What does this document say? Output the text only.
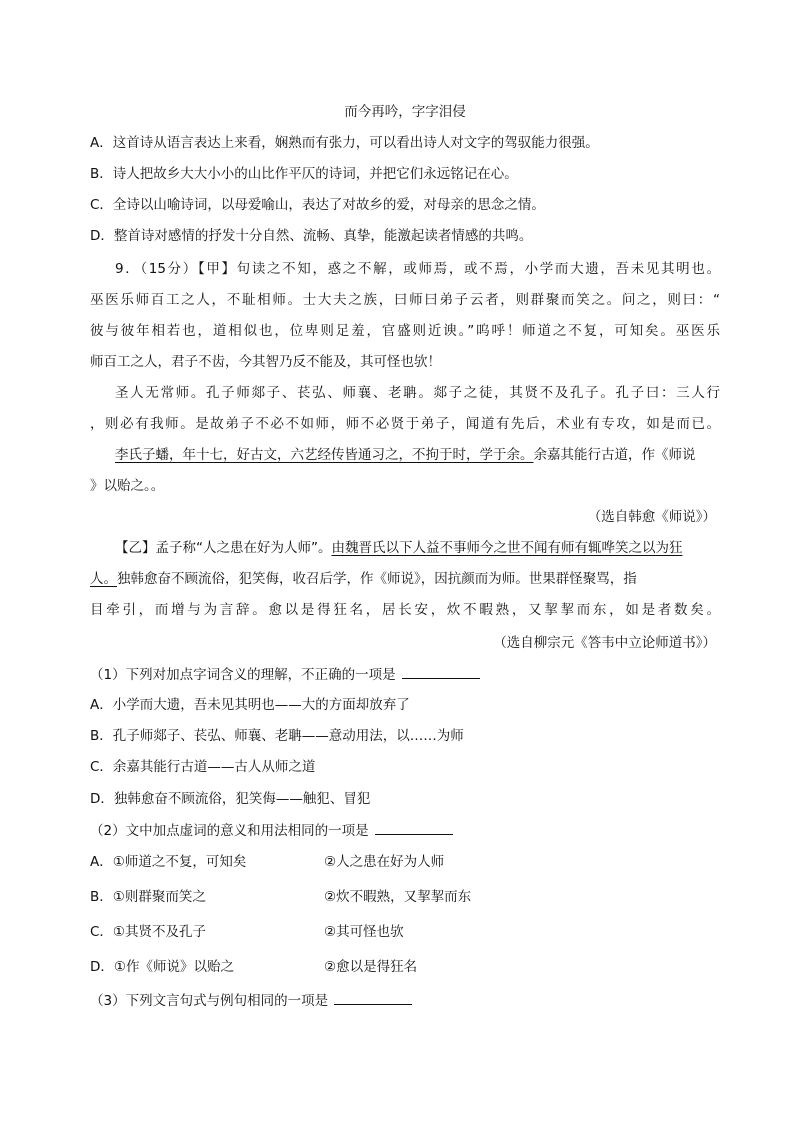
而今再吟，字字泪侵
A．这首诗从语言表达上来看，娴熟而有张力，可以看出诗人对文字的驾驭能力很强。
B．诗人把故乡大大小小的山比作平仄的诗词，并把它们永远铭记在心。
C．全诗以山喻诗词，以母爱喻山，表达了对故乡的爱，对母亲的思念之情。
D．整首诗对感情的抒发十分自然、流畅、真挚，能激起读者情感的共鸣。
9．（15分）【甲】句读之不知，惑之不解，或师焉，或不焉，小学而大遗，吾未见其明也。
巫医乐师百工之人，不耻相师。士大夫之族，曰师曰弟子云者，则群聚而笑之。问之，则曰：“
彼与彼年相若也，道相似也，位卑则足羞，官盛则近谀。”呜呼！师道之不复，可知矣。巫医乐
师百工之人，君子不齿，今其智乃反不能及，其可怪也欤！
圣人无常师。孔子师郯子、苌弘、师襄、老聃。郯子之徒，其贤不及孔子。孔子曰：三人行
，则必有我师。是故弟子不必不如师，师不必贤于弟子，闻道有先后，术业有专攻，如是而已。
李氏子蟠，年十七，好古文，六艺经传皆通习之，不拘于时，学于余。余嘉其能行古道，作《师说
》以贻之。。
（选自韩愈《师说》）
【乙】孟子称“人之患在好为人师”。由魏晋氏以下人益不事师今之世不闻有师有辄哗笑之以为狂
人。独韩愈奋不顾流俗，犯笑侮，收召后学，作《师说》，因抗颜而为师。世果群怪聚骂，指
目牵引，而增与为言辞。愈以是得狂名，居长安，炊不暇熟，又挈挈而东，如是者数矣。
（选自柳宗元《答韦中立论师道书》）
（1）下列对加点字词含义的理解，不正确的一项是
A．小学而大遗，吾未见其明也——大的方面却放弃了
B．孔子师郯子、苌弘、师襄、老聃——意动用法，以……为师
C．余嘉其能行古道——古人从师之道
D．独韩愈奋不顾流俗，犯笑侮——触犯、冒犯
（2）文中加点虚词的意义和用法相同的一项是
A．①师道之不复，可知矣	②人之患在好为人师
B．①则群聚而笑之	②炊不暇熟，又挈挈而东
C．①其贤不及孔子	②其可怪也欤
D．①作《师说》以贻之	②愈以是得狂名
（3）下列文言句式与例句相同的一项是
